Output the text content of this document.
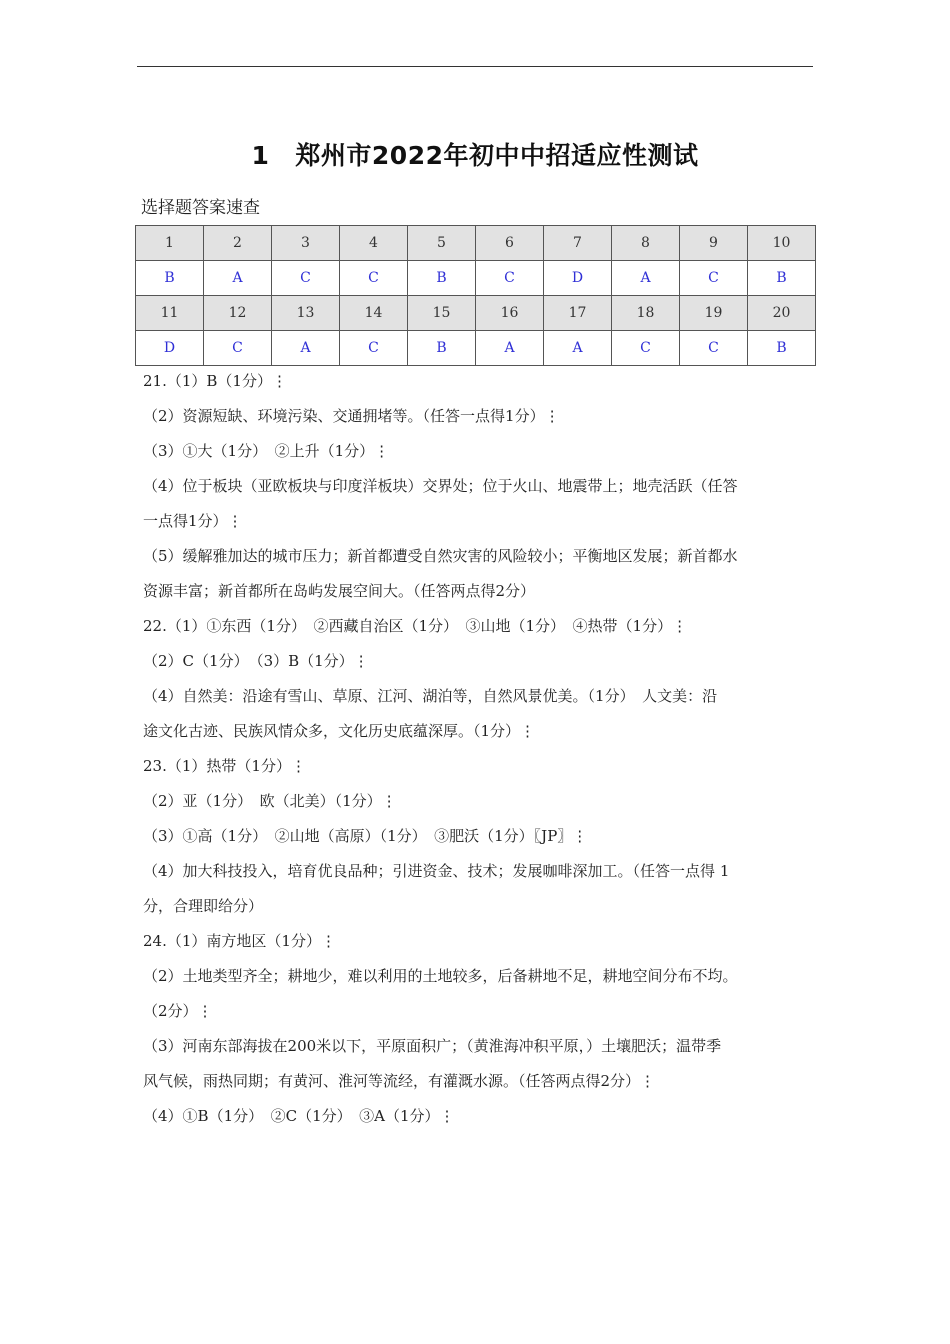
1 郑州市2022年初中中招适应性测试
选择题答案速查
1	2	3	4	5	6	7	8	9	10
B	A	C	C	B	C	D	A	C	B
11	12	13	14	15	16	17	18	19	20
D	C	A	C	B	A	A	C	C	B

21.（1）B（1分）⋮

（2）资源短缺、环境污染、交通拥堵等。（任答一点得1分）⋮

（3）①大（1分）　②上升（1分）⋮

（4）位于板块（亚欧板块与印度洋板块）交界处；位于火山、地震带上；地壳活跃（任答

一点得1分）⋮

（5）缓解雅加达的城市压力；新首都遭受自然灾害的风险较小；平衡地区发展；新首都水

资源丰富；新首都所在岛屿发展空间大。（任答两点得2分）

22.（1）①东西（1分）　②西藏自治区（1分）　③山地（1分）　④热带（1分）⋮

（2）C（1分）　（3）B（1分）⋮

（4）自然美：沿途有雪山、草原、江河、湖泊等，自然风景优美。（1分）　人文美：沿

途文化古迹、民族风情众多，文化历史底蕴深厚。（1分）⋮

23.（1）热带（1分）⋮

（2）亚（1分）　欧（北美）（1分）⋮

（3）①高（1分）　②山地（高原）（1分）　③肥沃（1分）〖JP〗⋮

（4）加大科技投入，培育优良品种；引进资金、技术；发展咖啡深加工。（任答一点得 1

分，合理即给分）

24.（1）南方地区（1分）⋮

（2）土地类型齐全；耕地少，难以利用的土地较多，后备耕地不足，耕地空间分布不均。

（2分）⋮

（3）河南东部海拔在200米以下，平原面积广；（黄淮海冲积平原，）土壤肥沃；温带季

风气候，雨热同期；有黄河、淮河等流经，有灌溉水源。（任答两点得2分）⋮

（4）①B（1分）　②C（1分）　③A（1分）⋮
